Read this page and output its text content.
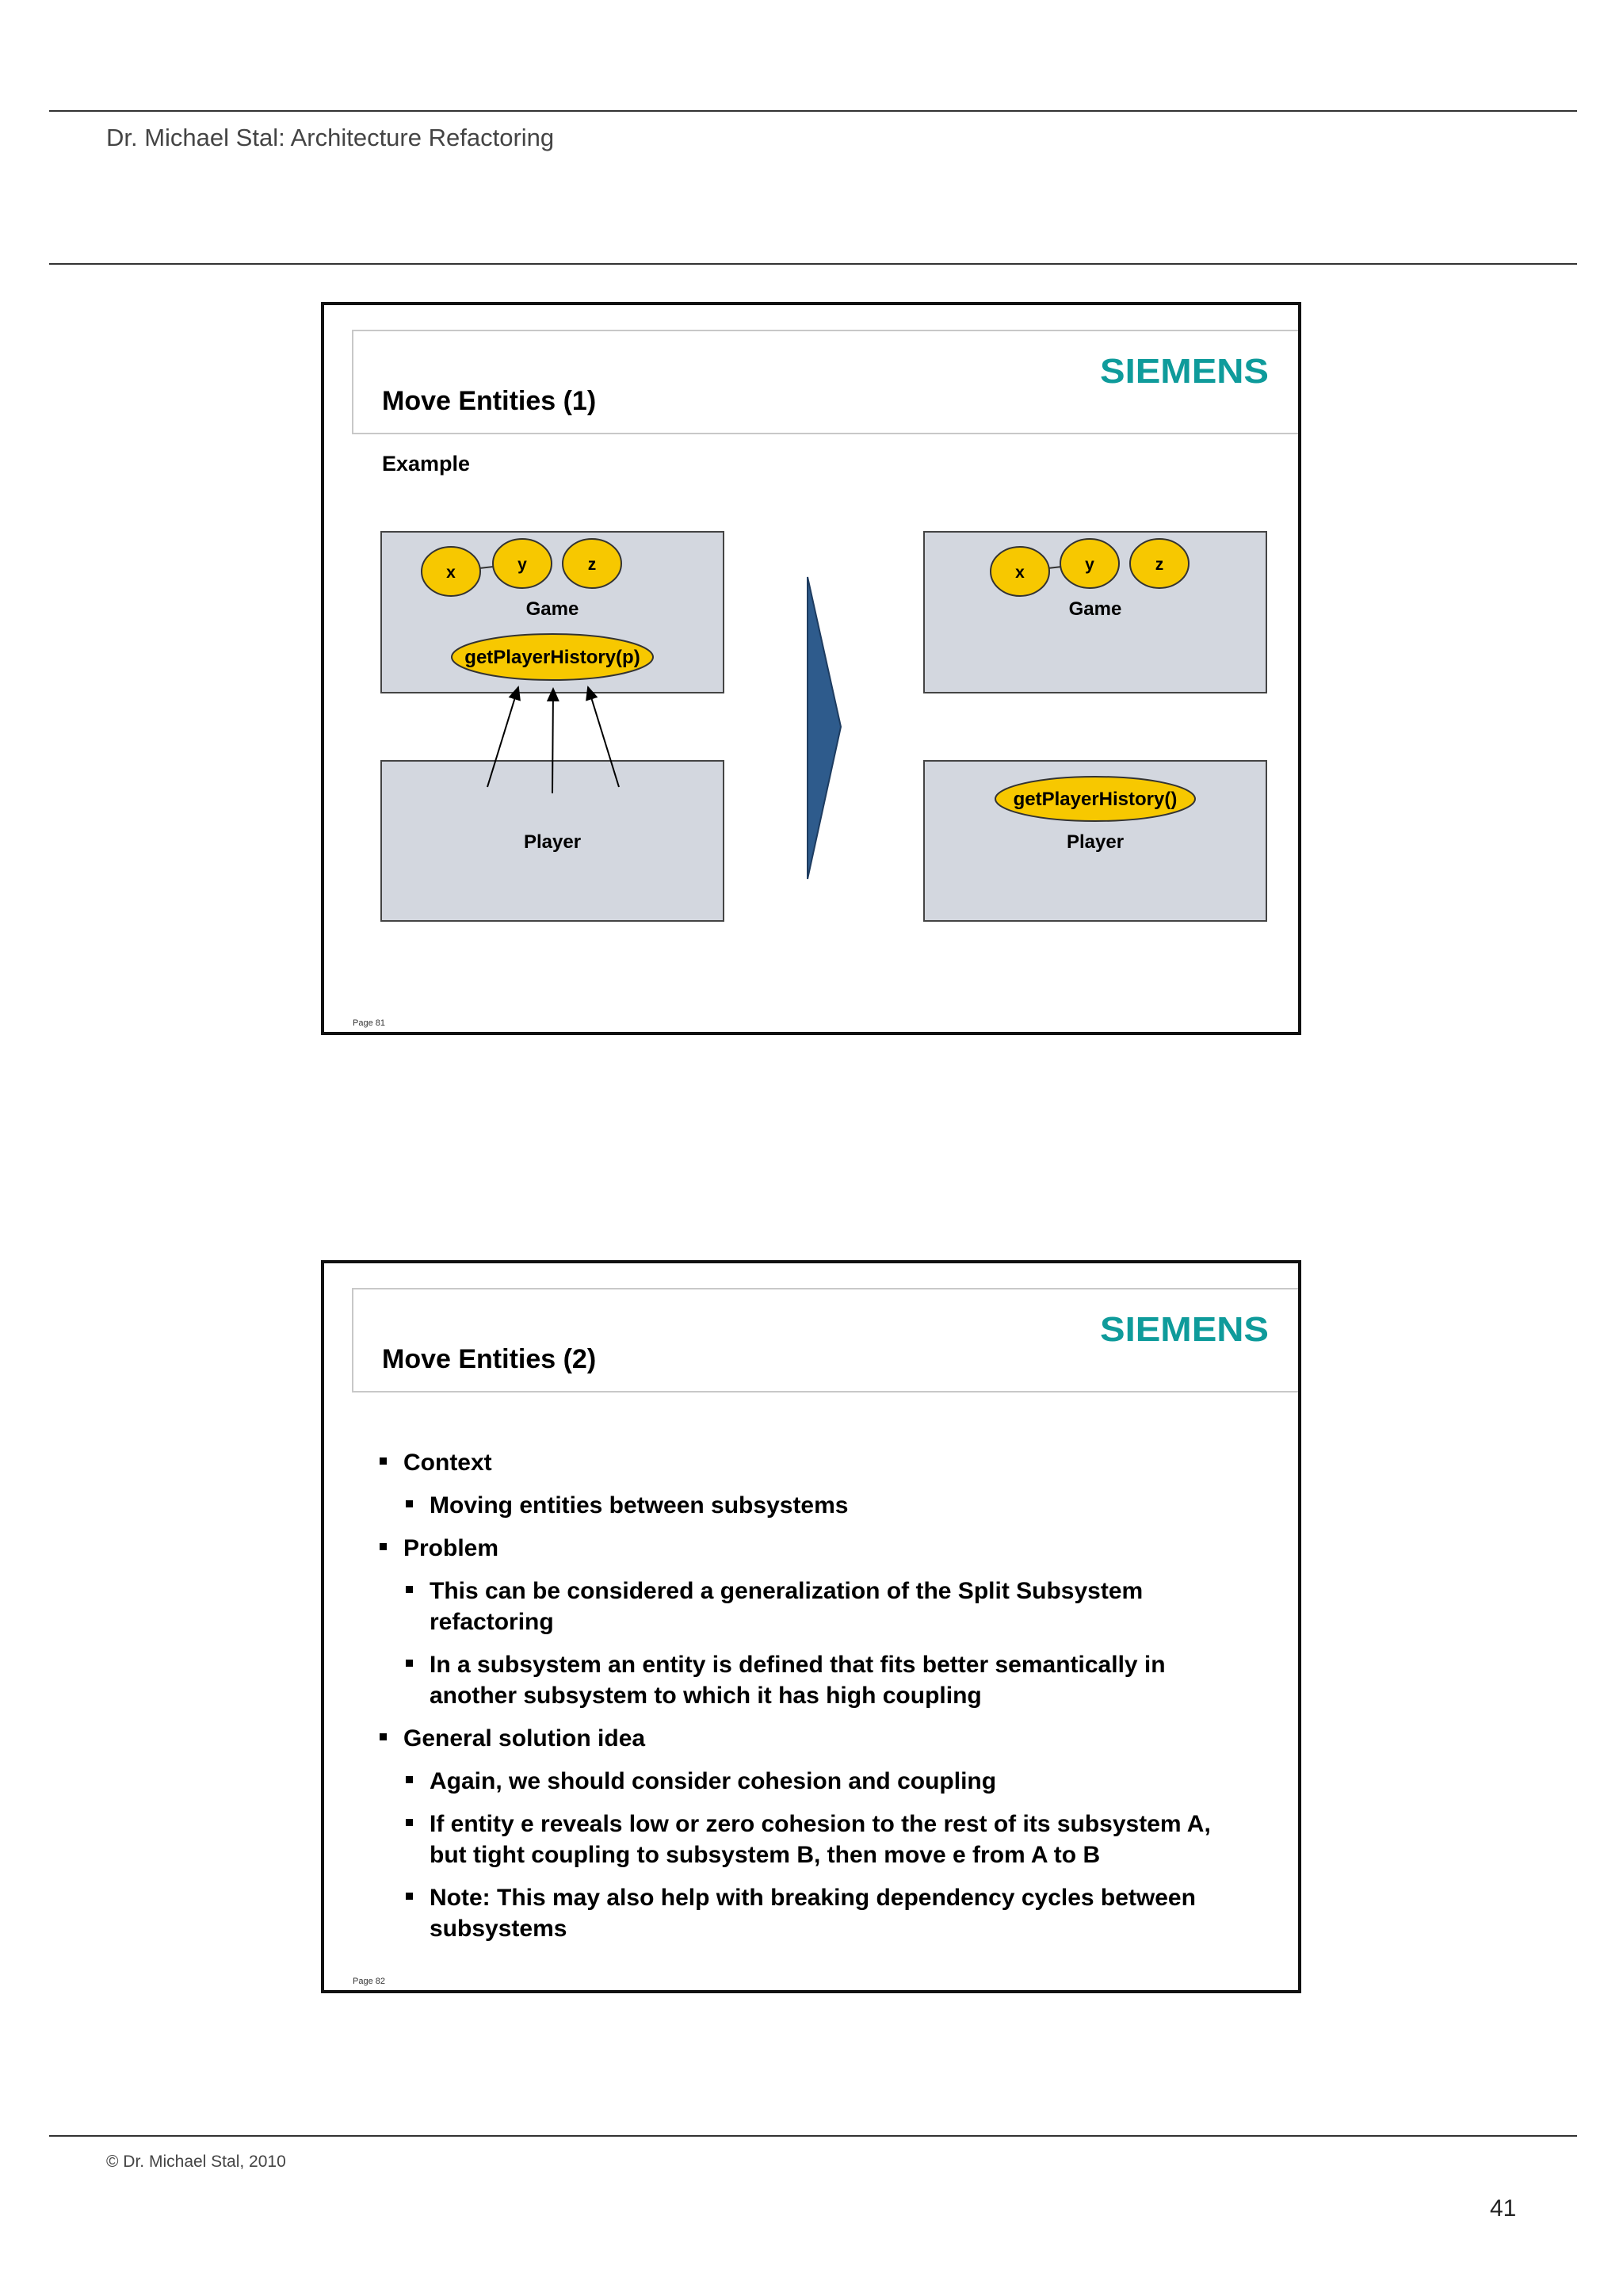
Dr. Michael Stal: Architecture Refactoring
SIEMENS
Move Entities (1)
Example
x	y	z
Game
getPlayerHistory(p)
Player
x	y	z
Game
getPlayerHistory()
Player
Page 81
SIEMENS
Move Entities (2)
Context
Moving entities between subsystems
Problem
This can be considered a generalization of the Split Subsystem refactoring
In a subsystem an entity is defined that fits better semantically in another subsystem to which it has high coupling
General solution idea
Again, we should consider cohesion and coupling
If entity e reveals low or zero cohesion to the rest of its subsystem A, but tight coupling to subsystem B, then move e from A to B
Note: This may also help with breaking dependency cycles between subsystems
Page 82
© Dr. Michael Stal, 2010
41
